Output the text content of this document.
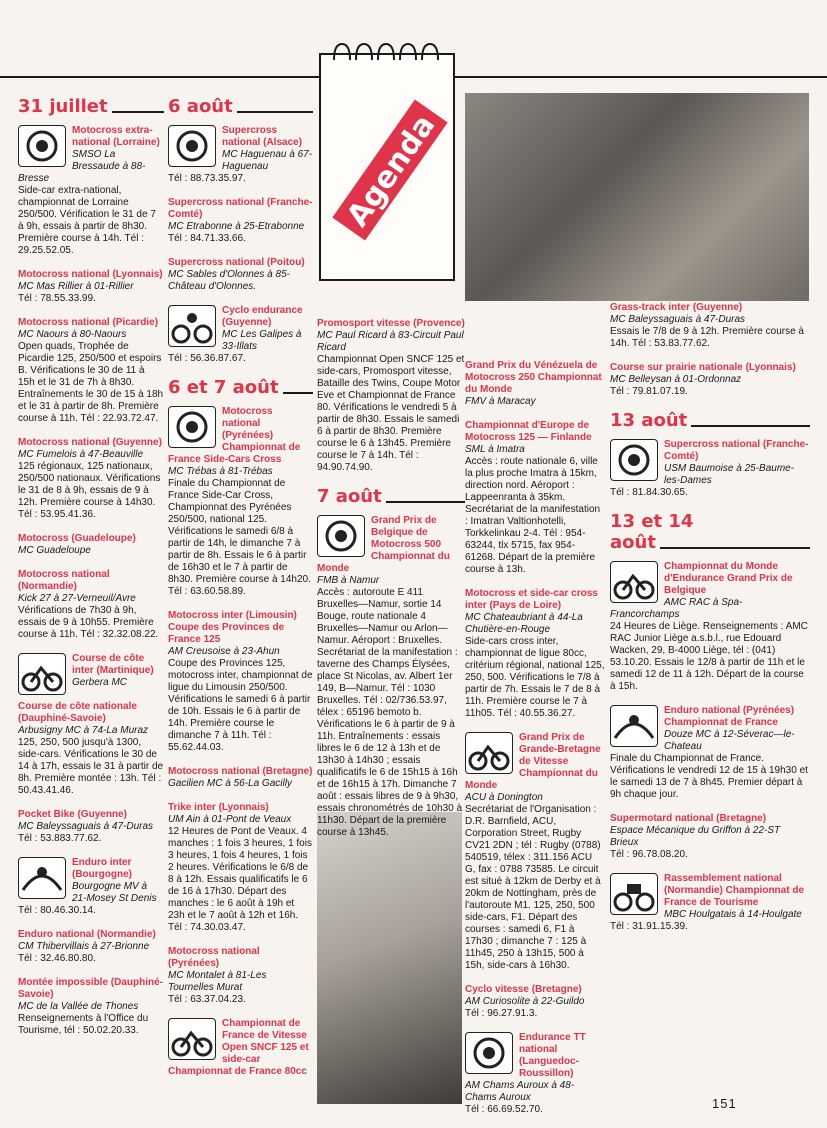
Agenda
31 juillet
Motocross extra-national (Lorraine)

SMSO La Bressaude à 88-Bresse

Side-car extra-national, championnat de Lorraine 250/500. Vérification le 31 de 7 à 9h, essais à partir de 8h30. Première course à 14h. Tél : 29.25.52.05.

Motocross national (Lyonnais)

MC Mas Rillier à 01-Rillier

Tél : 78.55.33.99.

Motocross national (Picardie)

MC Naours à 80-Naours

Open quads, Trophée de Picardie 125, 250/500 et espoirs B. Vérifications le 30 de 11 à 15h et le 31 de 7h à 8h30. Entraînements le 30 de 15 à 18h et le 31 à partir de 8h. Première course à 11h. Tél : 22.93.72.47.

Motocross national (Guyenne)

MC Fumelois à 47-Beauville

125 régionaux, 125 nationaux, 250/500 nationaux. Vérifications le 31 de 8 à 9h, essais de 9 à 12h. Première course à 14h30. Tél : 53.95.41.36.

Motocross (Guadeloupe)

MC Guadeloupe

Motocross national (Normandie)

Kick 27 à 27-Verneuil/Avre

Vérifications de 7h30 à 9h, essais de 9 à 10h55. Première course à 11h. Tél : 32.32.08.22.

Course de côte inter (Martinique)

Gerbera MC

Course de côte nationale (Dauphiné-Savoie)

Arbusigny MC à 74-La Muraz

125, 250, 500 jusqu'à 1300, side-cars. Vérifications le 30 de 14 à 17h, essais le 31 à partir de 8h. Première montée : 13h. Tél : 50.43.41.46.

Pocket Bike (Guyenne)

MC Baleyssaguais à 47-Duras

Tél : 53.883.77.62.

Enduro inter (Bourgogne)

Bourgogne MV à 21-Mosey St Denis

Tél : 80.46.30.14.

Enduro national (Normandie)

CM Thibervillais à 27-Brionne

Tél : 32.46.80.80.

Montée impossible (Dauphiné-Savoie)

MC de la Vallée de Thones

Renseignements à l'Office du Tourisme, tél : 50.02.20.33.

6 août
Supercross national (Alsace)

MC Haguenau à 67-Haguenau

Tél : 88.73.35.97.

Supercross national (Franche-Comté)

MC Etrabonne à 25-Etrabonne

Tél : 84.71.33.66.

Supercross national (Poitou)

MC Sables d'Olonnes à 85-Château d'Olonnes.

Cyclo endurance (Guyenne)

MC Les Galipes à 33-Illats

Tél : 56.36.87.67.

6 et 7 août
Motocross national (Pyrénées) Championnat de France Side-Cars Cross

MC Trébas à 81-Trébas

Finale du Championnat de France Side-Car Cross, Championnat des Pyrénées 250/500, national 125. Vérifications le samedi 6/8 à partir de 14h, le dimanche 7 à partir de 8h. Essais le 6 à partir de 16h30 et le 7 à partir de 8h30. Première course à 14h20. Tél : 63.60.58.89.

Motocross inter (Limousin) Coupe des Provinces de France 125

AM Creusoise à 23-Ahun

Coupe des Provinces 125, motocross inter, championnat de ligue du Limousin 250/500. Vérifications le samedi 6 à partir de 10h. Essais le 6 à partir de 14h. Première course le dimanche 7 à 11h. Tél : 55.62.44.03.

Motocross national (Bretagne)

Gacilien MC à 56-La Gacilly

Trike inter (Lyonnais)

UM Ain à 01-Pont de Veaux

12 Heures de Pont de Veaux. 4 manches : 1 fois 3 heures, 1 fois 3 heures, 1 fois 4 heures, 1 fois 2 heures. Vérifications le 6/8 de 8 à 12h. Essais qualificatifs le 6 de 16 à 17h30. Départ des manches : le 6 août à 19h et 23h et le 7 août à 12h et 16h. Tél : 74.30.03.47.

Motocross national (Pyrénées)

MC Montalet à 81-Les Tournelles Murat

Tél : 63.37.04.23.

Championnat de France de Vitesse Open SNCF 125 et side-car Championnat de France 80cc
Promosport vitesse (Provence)

MC Paul Ricard à 83-Circuit Paul Ricard

Championnat Open SNCF 125 et side-cars, Promosport vitesse, Bataille des Twins, Coupe Motor Eve et Championnat de France 80. Vérifications le vendredi 5 à partir de 8h30. Essais le samedi 6 à partir de 8h30. Première course le 6 à 13h45. Première course le 7 à 14h. Tél : 94.90.74.90.

7 août
Grand Prix de Belgique de Motocross 500 Championnat du Monde

FMB à Namur

Accès : autoroute E 411 Bruxelles—Namur, sortie 14 Bouge, route nationale 4 Bruxelles—Namur ou Arlon—Namur. Aéroport : Bruxelles. Secrétariat de la manifestation : taverne des Champs Élysées, place St Nicolas, av. Albert 1er 149, B—Namur. Tél : 1030 Bruxelles. Tél : 02/736.53.97, télex : 65196 bemoto b. Vérifications le 6 à partir de 9 à 11h. Entraînements : essais libres le 6 de 12 à 13h et de 13h30 à 14h30 ; essais qualificatifs le 6 de 15h15 à 16h et de 16h15 à 17h. Dimanche 7 août : essais libres de 9 à 9h30, essais chronométrés de 10h30 à 11h30. Départ de la première course à 13h45.

Grand Prix du Vénézuela de Motocross 250 Championnat du Monde

FMV à Maracay

Championnat d'Europe de Motocross 125 — Finlande

SML à Imatra

Accès : route nationale 6, ville la plus proche Imatra à 15km, direction nord. Aéroport : Lappeenranta à 35km. Secrétariat de la manifestation : Imatran Valtionhotelli, Torkkelinkau 2-4. Tél : 954-63244, tlx 5715, fax 954-61268. Départ de la première course à 13h.

Motocross et side-car cross inter (Pays de Loire)

MC Chateaubriant à 44-La Chutière-en-Rouge

Side-cars cross inter, championnat de ligue 80cc, critérium régional, national 125, 250, 500. Vérifications le 7/8 à partir de 7h. Essais le 7 de 8 à 11h. Première course le 7 à 11h05. Tél : 40.55.36.27.

Grand Prix de Grande-Bretagne de Vitesse Championnat du Monde

ACU à Donington

Secrétariat de l'Organisation : D.R. Barnfield, ACU, Corporation Street, Rugby CV21 2DN ; tél : Rugby (0788) 540519, télex : 311.156 ACU G, fax : 0788 73585. Le circuit est situé à 12km de Derby et à 20km de Nottingham, près de l'autoroute M1. 125, 250, 500 side-cars, F1. Départ des courses : samedi 6, F1 à 17h30 ; dimanche 7 : 125 à 11h45, 250 à 13h15, 500 à 15h, side-cars à 16h30.

Cyclo vitesse (Bretagne)

AM Curiosolite à 22-Guildo

Tél : 96.27.91.3.

Endurance TT national (Languedoc-Roussillon)

AM Chams Auroux à 48-Chams Auroux

Tél : 66.69.52.70.

Grass-track inter (Guyenne)

MC Baleyssaguais à 47-Duras

Essais le 7/8 de 9 à 12h. Première course à 14h. Tél : 53.83.77.62.

Course sur prairie nationale (Lyonnais)

MC Belleysan à 01-Ordonnaz

Tél : 79.81.07.19.

13 août
Supercross national (Franche-Comté)

USM Baumoise à 25-Baume-les-Dames

Tél : 81.84.30.65.

13 et 14
août
Championnat du Monde d'Endurance Grand Prix de Belgique

AMC RAC à Spa-Francorchamps

24 Heures de Liège. Renseignements : AMC RAC Junior Liège a.s.b.l., rue Edouard Wacken, 29, B-4000 Liège, tél : (041) 53.10.20. Essais le 12/8 à partir de 11h et le samedi 12 de 11 à 12h. Départ de la course à 15h.

Enduro national (Pyrénées) Championnat de France

Douze MC à 12-Séverac—le-Chateau

Finale du Championnat de France. Vérifications le vendredi 12 de 15 à 19h30 et le samedi 13 de 7 à 8h45. Premier départ à 9h chaque jour.

Supermotard national (Bretagne)

Espace Mécanique du Griffon à 22-ST Brieux

Tél : 96.78.08.20.

Rassemblement national (Normandie) Championnat de France de Tourisme

MBC Houlgatais à 14-Houlgate

Tél : 31.91.15.39.

151
